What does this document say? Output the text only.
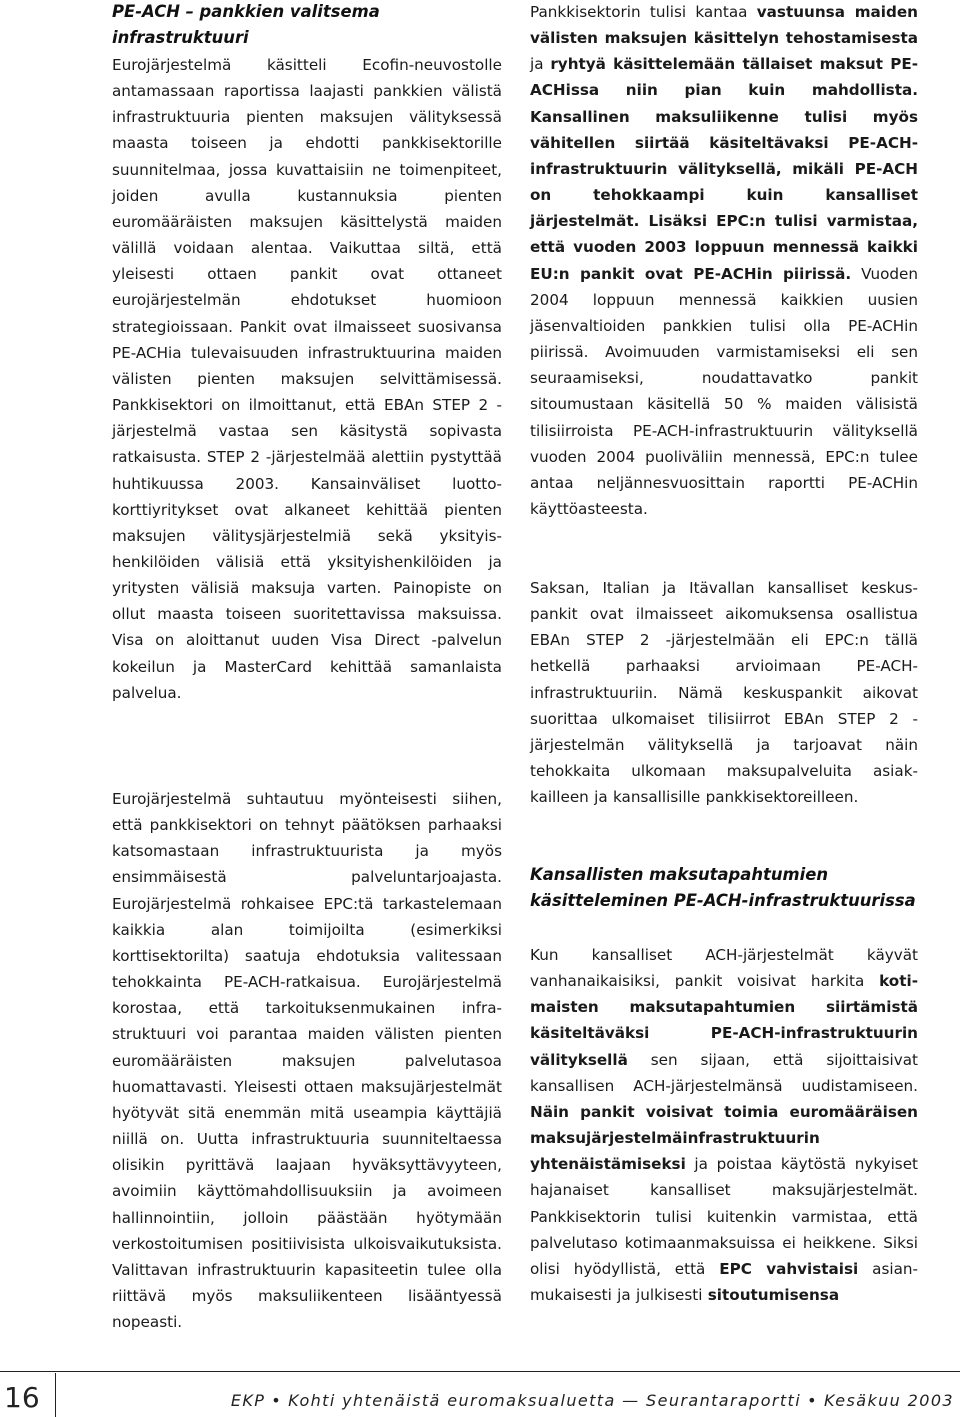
PE-ACH – pankkien valitsema infrastruktuuri

Eurojärjestelmä käsitteli Ecofin-neuvostolle antamassaan raportissa laajasti pankkien välistä infrastruktuuria pienten maksujen välityksessä maasta toiseen ja ehdotti pankkisektorille suunnitelmaa, jossa kuvattaisiin ne toimenpiteet, joiden avulla kustannuksia pienten euromääräisten maksujen käsittelystä maiden välillä voidaan alentaa. Vaikuttaa siltä, että yleisesti ottaen pankit ovat ottaneet eurojärjestelmän ehdotukset huomioon strategioissaan. Pankit ovat ilmaisseet suosivansa PE-ACHia tulevaisuuden infrastruktuurina maiden välisten pienten maksujen selvittämisessä. Pankkisektori on ilmoittanut, että EBAn STEP 2 -järjestelmä vastaa sen käsitystä sopivasta ratkaisusta. STEP 2 -järjestelmää alettiin pystyttää huhtikuussa 2003. Kansainväliset luottokorttiyritykset ovat alkaneet kehittää pienten maksujen välitysjärjestelmiä sekä yksityishenkilöiden välisiä että yksityishenkilöiden ja yritysten välisiä maksuja varten. Painopiste on ollut maasta toiseen suoritettavissa maksuissa. Visa on aloittanut uuden Visa Direct -palvelun kokeilun ja MasterCard kehittää samanlaista palvelua.

Eurojärjestelmä suhtautuu myönteisesti siihen, että pankkisektori on tehnyt päätöksen parhaaksi katsomastaan infrastruktuurista ja myös ensimmäisestä palveluntarjoajasta. Eurojärjestelmä rohkaisee EPC:tä tarkastelemaan kaikkia alan toimijoilta (esimerkiksi korttisektorilta) saatuja ehdotuksia valitessaan tehokkainta PE-ACH-ratkaisua. Eurojärjestelmä korostaa, että tarkoituksenmukainen infrastruktuuri voi parantaa maiden välisten pienten euromääräisten maksujen palvelutasoa huomattavasti. Yleisesti ottaen maksujärjestelmät hyötyvät sitä enemmän mitä useampia käyttäjiä niillä on. Uutta infrastruktuuria suunniteltaessa olisikin pyrittävä laajaan hyväksyttävyyteen, avoimiin käyttömahdollisuuksiin ja avoimeen hallinnointiin, jolloin päästään hyötymään verkostoitumisen positiivisista ulkoisvaikutuksista. Valittavan infrastruktuurin kapasiteetin tulee olla riittävä myös maksuliikenteen lisääntyessä nopeasti.

Pankkisektorin tulisi kantaa vastuunsa maiden välisten maksujen käsittelyn tehostamisesta ja ryhtyä käsittelemään tällaiset maksut PE-ACHissa niin pian kuin mahdollista. Kansallinen maksuliikenne tulisi myös vähitellen siirtää käsiteltävaksi PE-ACH-infrastruktuurin välityksellä, mikäli PE-ACH on tehokkaampi kuin kansalliset järjestelmät. Lisäksi EPC:n tulisi varmistaa, että vuoden 2003 loppuun mennessä kaikki EU:n pankit ovat PE-ACHin piirissä. Vuoden 2004 loppuun mennessä kaikkien uusien jäsenvaltioiden pankkien tulisi olla PE-ACHin piirissä. Avoimuuden varmistamiseksi eli sen seuraamiseksi, noudattavatko pankit sitoumustaan käsitellä 50 % maiden välisistä tilisiirroista PE-ACH-infrastruktuurin välityksellä vuoden 2004 puoliväliin mennessä, EPC:n tulee antaa neljännesvuosittain raportti PE-ACHin käyttöasteesta.

Saksan, Italian ja Itävallan kansalliset keskuspankit ovat ilmaisseet aikomuksensa osallistua EBAn STEP 2 -järjestelmään eli EPC:n tällä hetkellä parhaaksi arvioimaan PE-ACH-infrastruktuuriin. Nämä keskuspankit aikovat suorittaa ulkomaiset tilisiirrot EBAn STEP 2 -järjestelmän välityksellä ja tarjoavat näin tehokkaita ulkomaan maksupalveluita asiakkailleen ja kansallisille pankkisektoreilleen.

Kansallisten maksutapahtumien käsitteleminen PE-ACH-infrastruktuurissa

Kun kansalliset ACH-järjestelmät käyvät vanhanaikaisiksi, pankit voisivat harkita kotimaisten maksutapahtumien siirtämistä käsiteltäväksi PE-ACH-infrastruktuurin välityksellä sen sijaan, että sijoittaisivat kansallisen ACH-järjestelmänsä uudistamiseen. Näin pankit voisivat toimia euromääräisen maksujärjestelmäinfrastruktuurin yhtenäistämiseksi ja poistaa käytöstä nykyiset hajanaiset kansalliset maksujärjestelmät. Pankkisektorin tulisi kuitenkin varmistaa, että palvelutaso kotimaanmaksuissa ei heikkene. Siksi olisi hyödyllistä, että EPC vahvistaisi asianmukaisesti ja julkisesti sitoutumisensa

16	EKP • Kohti yhtenäistä euromaksualuetta — Seurantaraportti • Kesäkuu 2003
